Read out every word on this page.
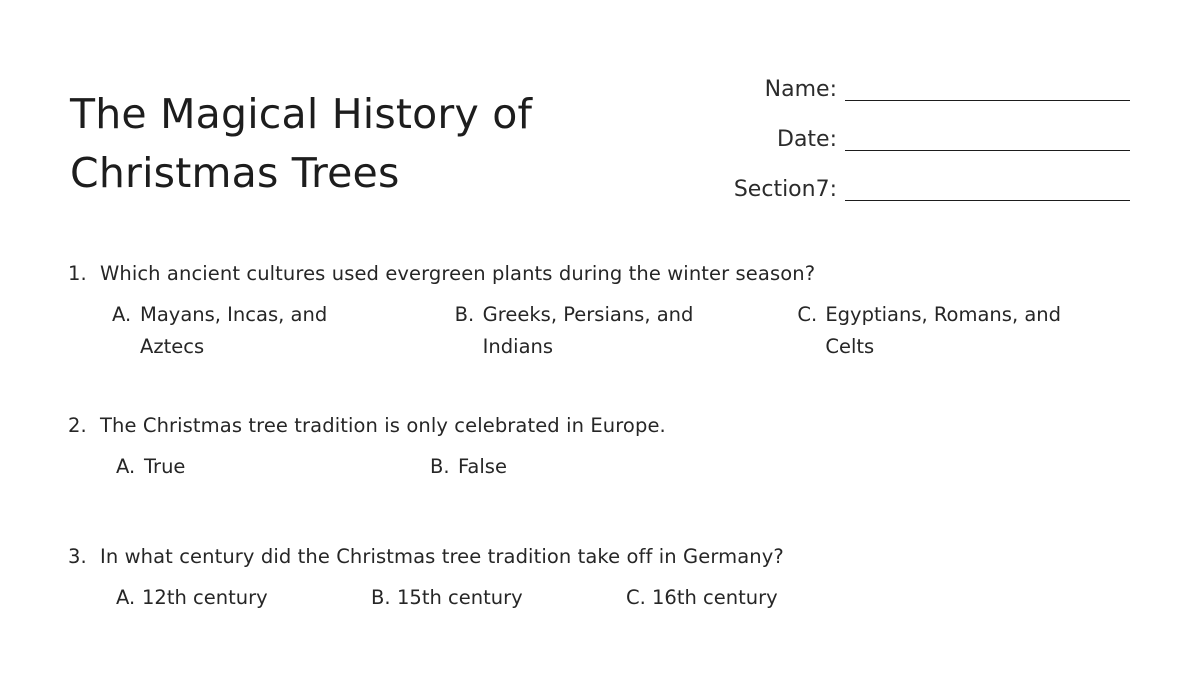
The Magical History of
Christmas Trees
Name:
Date:
Section7:
1. Which ancient cultures used evergreen plants during the winter season?
A. Mayans, Incas, and Aztecs
B. Greeks, Persians, and Indians
C. Egyptians, Romans, and Celts
2. The Christmas tree tradition is only celebrated in Europe.
A. True	B. False
3. In what century did the Christmas tree tradition take off in Germany?
A. 12th century	B. 15th century	C. 16th century
